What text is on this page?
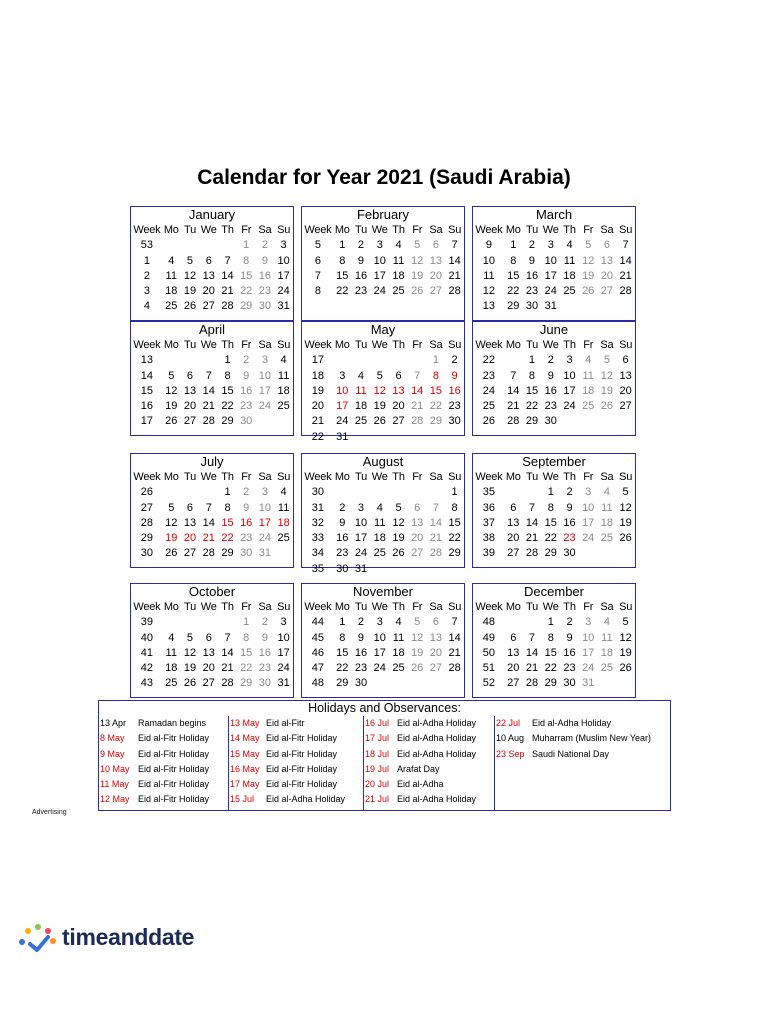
Calendar for Year 2021 (Saudi Arabia)
January
Week	Mo	Tu	We	Th	Fr	Sa	Su
53					1	2	3
1	4	5	6	7	8	9	10
2	11	12	13	14	15	16	17
3	18	19	20	21	22	23	24
4	25	26	27	28	29	30	31
February
Week	Mo	Tu	We	Th	Fr	Sa	Su
5	1	2	3	4	5	6	7
6	8	9	10	11	12	13	14
7	15	16	17	18	19	20	21
8	22	23	24	25	26	27	28
March
Week	Mo	Tu	We	Th	Fr	Sa	Su
9	1	2	3	4	5	6	7
10	8	9	10	11	12	13	14
11	15	16	17	18	19	20	21
12	22	23	24	25	26	27	28
13	29	30	31				
April
Week	Mo	Tu	We	Th	Fr	Sa	Su
13				1	2	3	4
14	5	6	7	8	9	10	11
15	12	13	14	15	16	17	18
16	19	20	21	22	23	24	25
17	26	27	28	29	30		
May
Week	Mo	Tu	We	Th	Fr	Sa	Su
17						1	2
18	3	4	5	6	7	8	9
19	10	11	12	13	14	15	16
20	17	18	19	20	21	22	23
21	24	25	26	27	28	29	30
22	31						
June
Week	Mo	Tu	We	Th	Fr	Sa	Su
22		1	2	3	4	5	6
23	7	8	9	10	11	12	13
24	14	15	16	17	18	19	20
25	21	22	23	24	25	26	27
26	28	29	30				
July
Week	Mo	Tu	We	Th	Fr	Sa	Su
26				1	2	3	4
27	5	6	7	8	9	10	11
28	12	13	14	15	16	17	18
29	19	20	21	22	23	24	25
30	26	27	28	29	30	31	
August
Week	Mo	Tu	We	Th	Fr	Sa	Su
30							1
31	2	3	4	5	6	7	8
32	9	10	11	12	13	14	15
33	16	17	18	19	20	21	22
34	23	24	25	26	27	28	29
35	30	31					
September
Week	Mo	Tu	We	Th	Fr	Sa	Su
35			1	2	3	4	5
36	6	7	8	9	10	11	12
37	13	14	15	16	17	18	19
38	20	21	22	23	24	25	26
39	27	28	29	30			
October
Week	Mo	Tu	We	Th	Fr	Sa	Su
39					1	2	3
40	4	5	6	7	8	9	10
41	11	12	13	14	15	16	17
42	18	19	20	21	22	23	24
43	25	26	27	28	29	30	31
November
Week	Mo	Tu	We	Th	Fr	Sa	Su
44	1	2	3	4	5	6	7
45	8	9	10	11	12	13	14
46	15	16	17	18	19	20	21
47	22	23	24	25	26	27	28
48	29	30					
December
Week	Mo	Tu	We	Th	Fr	Sa	Su
48			1	2	3	4	5
49	6	7	8	9	10	11	12
50	13	14	15	16	17	18	19
51	20	21	22	23	24	25	26
52	27	28	29	30	31		
Holidays and Observances:
13 Apr Ramadan begins
8 May Eid al-Fitr Holiday
9 May Eid al-Fitr Holiday
10 May Eid al-Fitr Holiday
11 May Eid al-Fitr Holiday
12 May Eid al-Fitr Holiday
13 May Eid al-Fitr
14 May Eid al-Fitr Holiday
15 May Eid al-Fitr Holiday
16 May Eid al-Fitr Holiday
17 May Eid al-Fitr Holiday
15 Jul Eid al-Adha Holiday
16 Jul Eid al-Adha Holiday
17 Jul Eid al-Adha Holiday
18 Jul Eid al-Adha Holiday
19 Jul Arafat Day
20 Jul Eid al-Adha
21 Jul Eid al-Adha Holiday
22 Jul Eid al-Adha Holiday
10 Aug Muharram (Muslim New Year)
23 Sep Saudi National Day
Advertising
timeanddate
